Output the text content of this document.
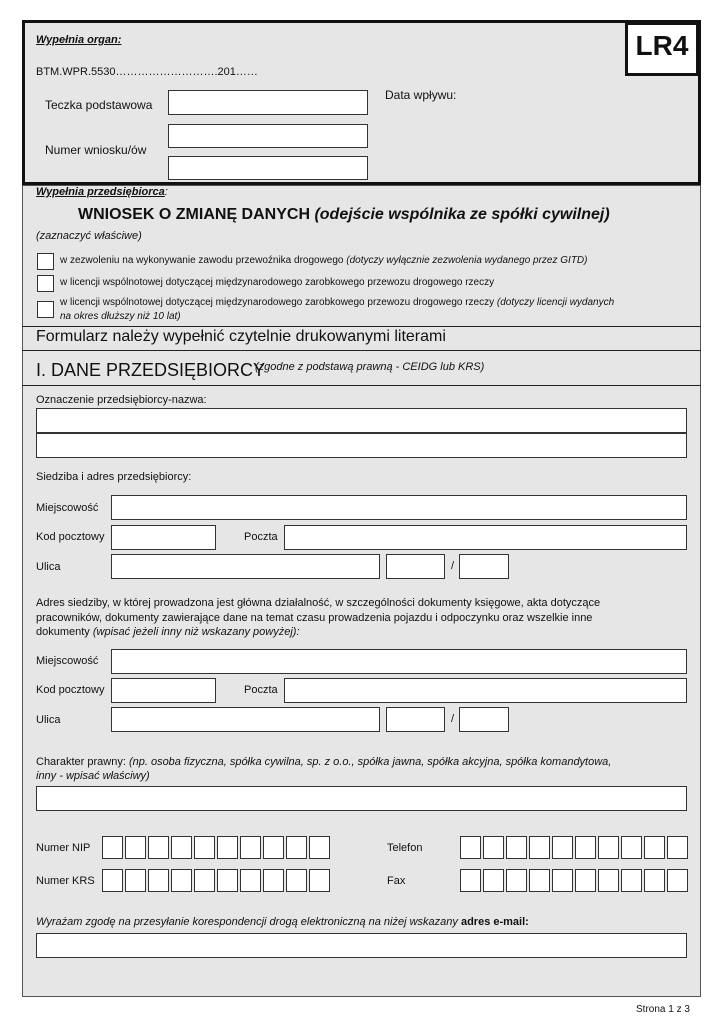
LR4
Wypełnia organ:
BTM.WPR.5530……………………….201……
Teczka podstawowa
Data wpływu:
Numer wniosku/ów
Wypełnia przedsiębiorca:
WNIOSEK O ZMIANĘ DANYCH (odejście wspólnika ze spółki cywilnej)
(zaznaczyć właściwe)
w zezwoleniu na wykonywanie zawodu przewoźnika drogowego (dotyczy wyłącznie zezwolenia wydanego przez GITD)
w licencji wspólnotowej dotyczącej międzynarodowego zarobkowego przewozu drogowego rzeczy
w licencji wspólnotowej dotyczącej międzynarodowego zarobkowego przewozu drogowego rzeczy (dotyczy licencji wydanych
na okres dłuższy niż 10 lat)
Formularz należy wypełnić czytelnie drukowanymi literami
I. DANE PRZEDSIĘBIORCY
(zgodne z podstawą prawną - CEIDG lub KRS)
Oznaczenie przedsiębiorcy-nazwa:
Siedziba i adres przedsiębiorcy:
Miejscowość
Kod pocztowy	Poczta
Ulica	/
Adres siedziby, w której prowadzona jest główna działalność, w szczególności dokumenty księgowe, akta dotyczące
pracowników, dokumenty zawierające dane na temat czasu prowadzenia pojazdu i odpoczynku oraz wszelkie inne
dokumenty (wpisać jeżeli inny niż wskazany powyżej):
Miejscowość
Kod pocztowy	Poczta
Ulica	/
Charakter prawny: (np. osoba fizyczna, spółka cywilna, sp. z o.o., spółka jawna, spółka akcyjna, spółka komandytowa,
inny - wpisać właściwy)
Numer NIP	Telefon
Numer KRS	Fax
Wyrażam zgodę na przesyłanie korespondencji drogą elektroniczną na niżej wskazany adres e-mail:
Strona 1 z 3
